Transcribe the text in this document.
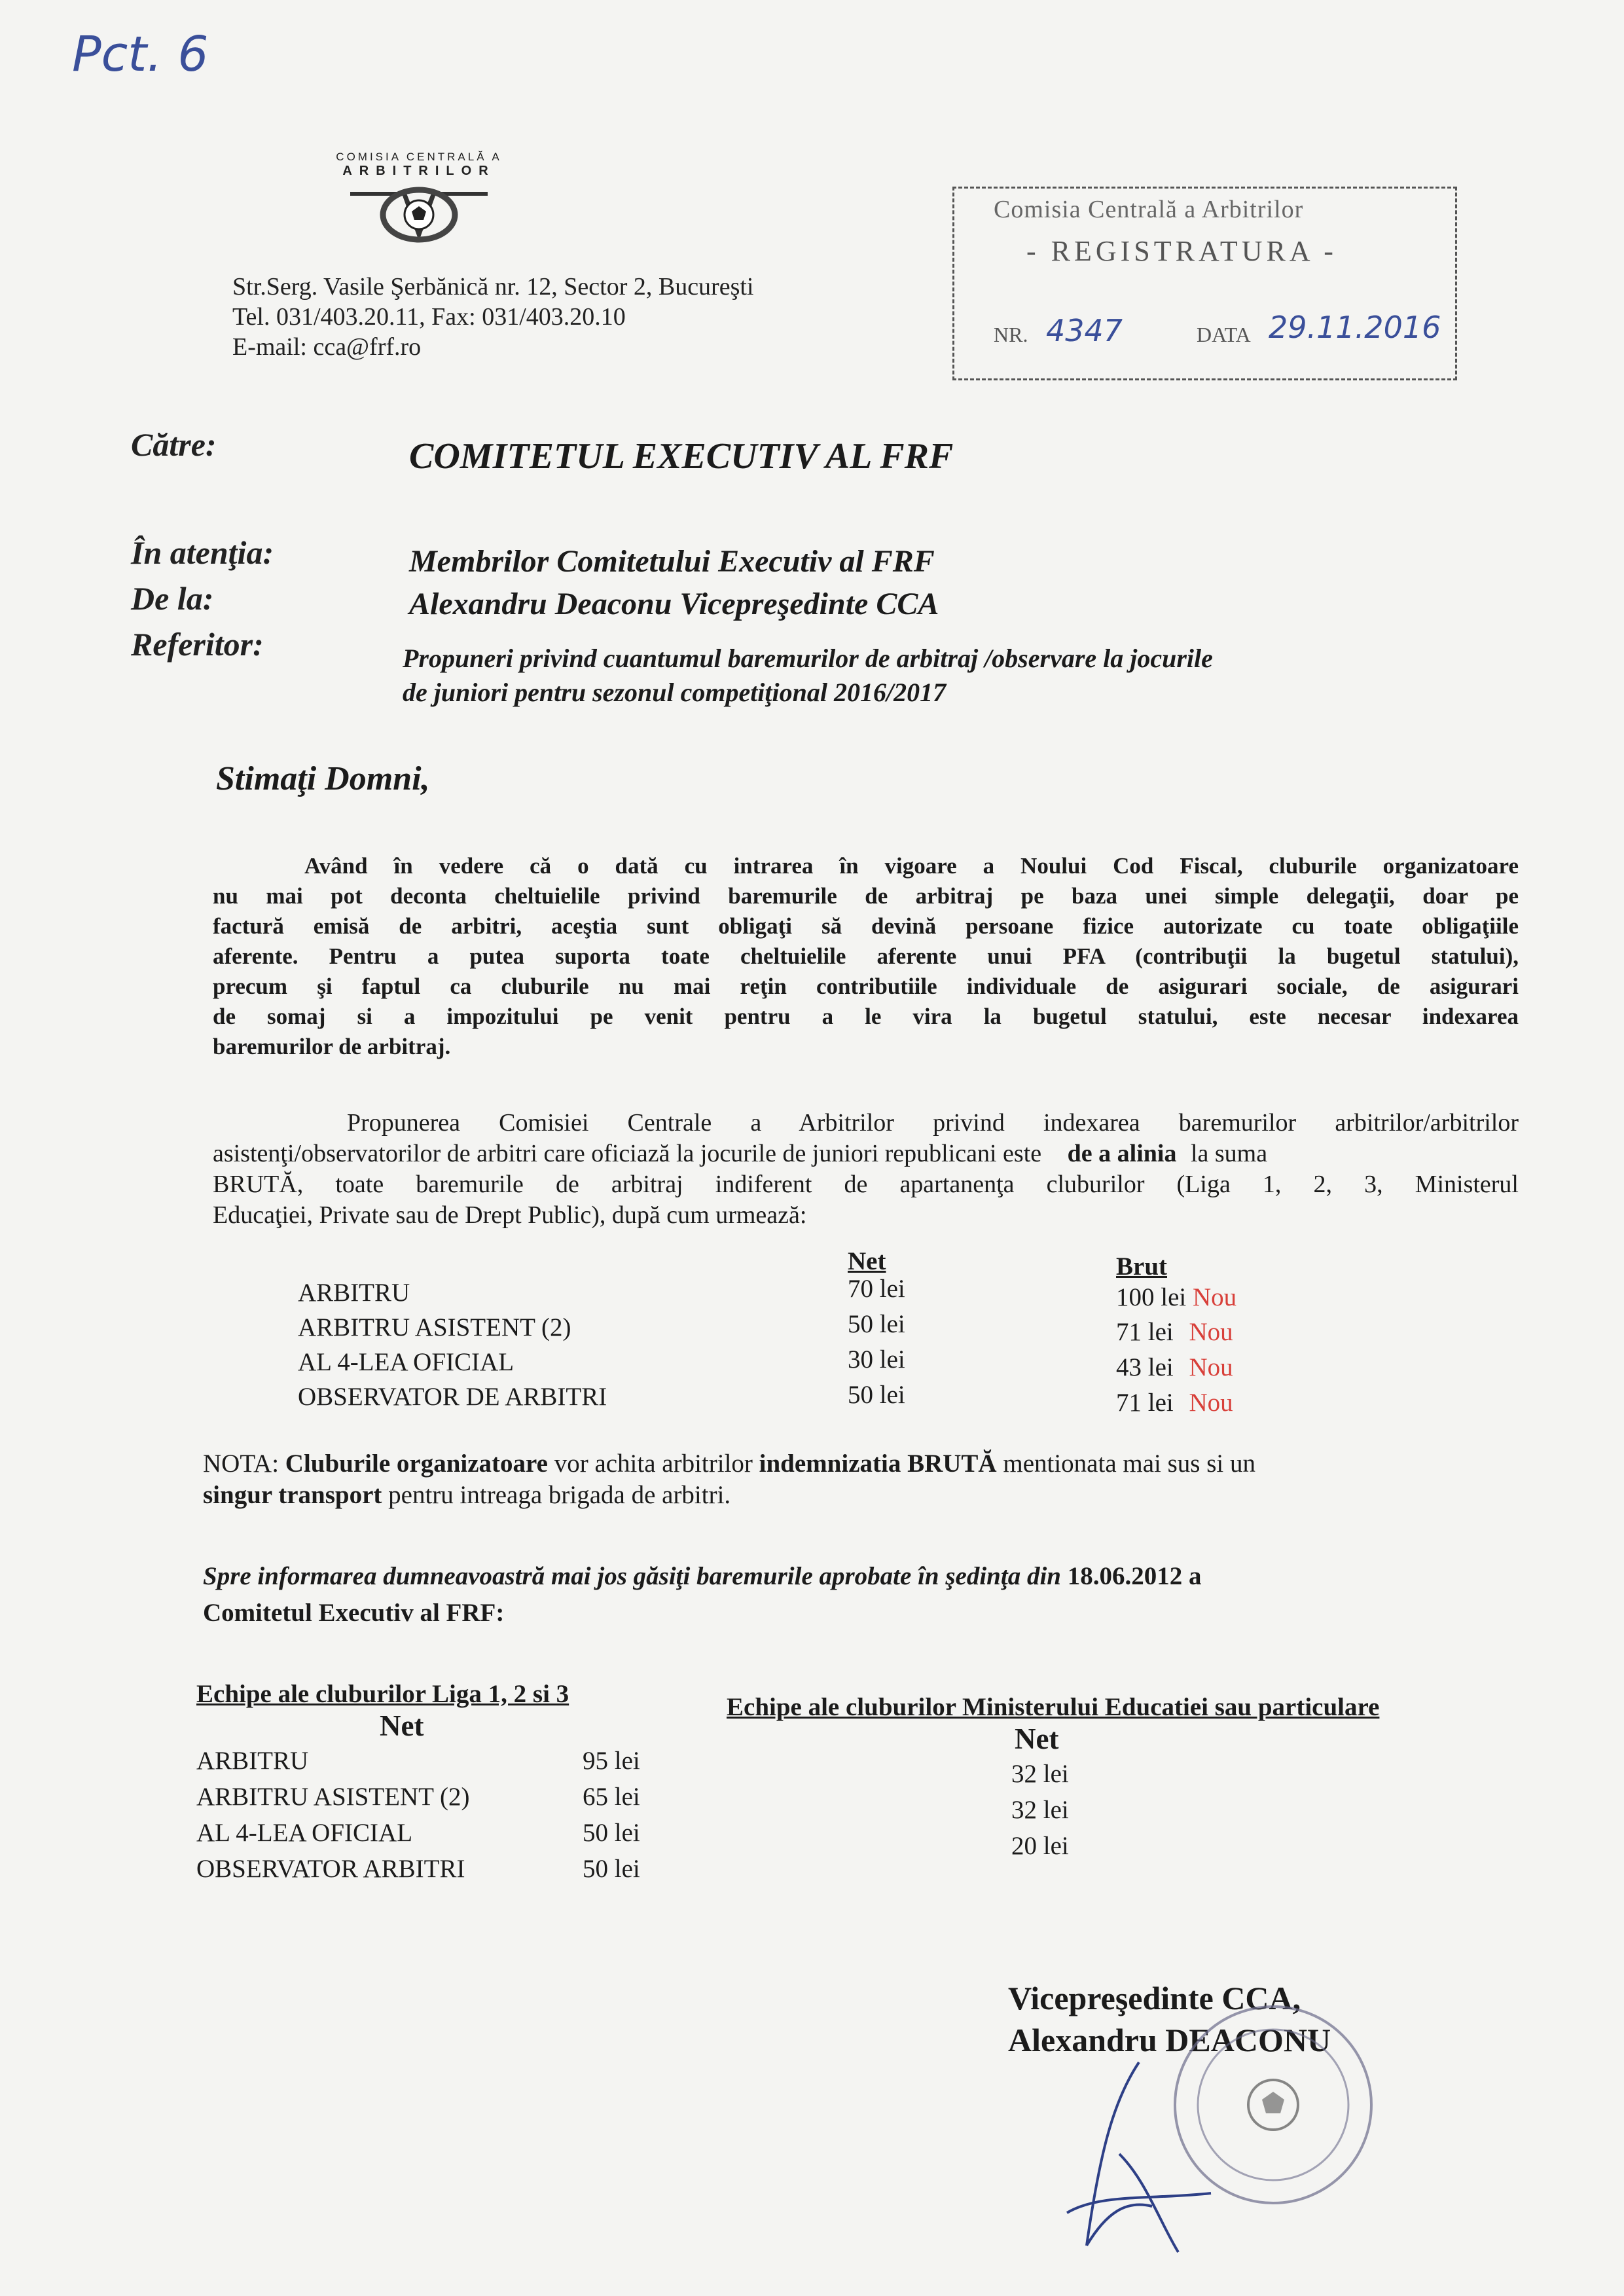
Pct. 6
COMISIA CENTRALĂ A
ARBITRILOR
Str.Serg. Vasile Şerbănică nr. 12, Sector 2, Bucureşti
Tel. 031/403.20.11, Fax: 031/403.20.10
E-mail: cca@frf.ro
Comisia Centrală a Arbitrilor
- REGISTRATURA -
NR. 4347	DATA 29.11.2016
Către:	COMITETUL EXECUTIV AL FRF
În atenţia:	Membrilor Comitetului Executiv al FRF
De la:	Alexandru Deaconu Vicepreşedinte CCA
Referitor:	Propuneri privind cuantumul baremurilor de arbitraj /observare la jocurile
de juniori pentru sezonul competiţional 2016/2017
Stimaţi Domni,
Având în vedere că o dată cu intrarea în vigoare a Noului Cod Fiscal, cluburile organizatoare
nu mai pot deconta cheltuielile privind baremurile de arbitraj pe baza unei simple delegaţii, doar pe
factură emisă de arbitri, aceştia sunt obligaţi să devină persoane fizice autorizate cu toate obligaţiile
aferente. Pentru a putea suporta toate cheltuielile aferente unui PFA (contribuţii la bugetul statului),
precum şi faptul ca cluburile nu mai reţin contributiile individuale de asigurari sociale, de asigurari
de somaj si a impozitului pe venit pentru a le vira la bugetul statului, este necesar indexarea
baremurilor de arbitraj.
Propunerea Comisiei Centrale a Arbitrilor privind indexarea baremurilor arbitrilor/arbitrilor
asistenţi/observatorilor de arbitri care oficiază la jocurile de juniori republicani este de a alinia la suma
BRUTĂ, toate baremurile de arbitraj indiferent de apartanenţa cluburilor (Liga 1, 2, 3, Ministerul
Educaţiei, Private sau de Drept Public), după cum urmează:
Net	Brut
ARBITRU	70 lei	100 lei Nou
ARBITRU ASISTENT (2)	50 lei	71 lei Nou
AL 4-LEA OFICIAL	30 lei	43 lei Nou
OBSERVATOR DE ARBITRI	50 lei	71 lei Nou
NOTA: Cluburile organizatoare vor achita arbitrilor indemnizatia BRUTĂ mentionata mai sus si un
singur transport pentru intreaga brigada de arbitri.
Spre informarea dumneavoastră mai jos găsiţi baremurile aprobate în şedinţa din 18.06.2012 a
Comitetul Executiv al FRF:
Echipe ale cluburilor Liga 1, 2 si 3
Net
ARBITRU	95 lei
ARBITRU ASISTENT (2)	65 lei
AL 4-LEA OFICIAL	50 lei
OBSERVATOR ARBITRI	50 lei
Echipe ale cluburilor Ministerului Educatiei sau particulare
Net
32 lei
32 lei
20 lei
Vicepreşedinte CCA,
Alexandru DEACONU
